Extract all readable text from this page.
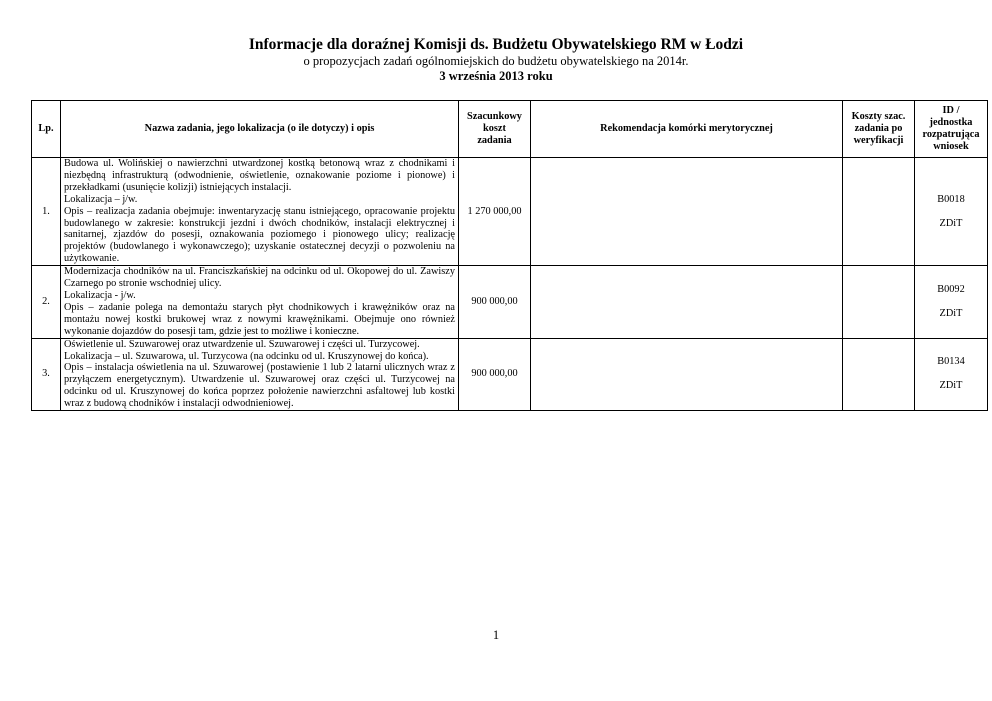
Informacje dla doraźnej Komisji ds. Budżetu Obywatelskiego RM w Łodzi
o propozycjach zadań ogólnomiejskich do budżetu obywatelskiego na 2014r.
3 września 2013 roku
Lp.	Nazwa zadania, jego lokalizacja (o ile dotyczy) i opis	Szacunkowy
koszt
zadania	Rekomendacja komórki merytorycznej	Koszty szac.
zadania po
weryfikacji	ID /
jednostka
rozpatrująca
wniosek

1.	Budowa ul. Wolińskiej o nawierzchni utwardzonej kostką betonową wraz z chodnikami i niezbędną infrastrukturą (odwodnienie, oświetlenie, oznakowanie poziome i pionowe) i przekładkami (usunięcie kolizji) istniejących instalacji.
Lokalizacja – j/w.
Opis – realizacja zadania obejmuje: inwentaryzację stanu istniejącego, opracowanie projektu budowlanego w zakresie: konstrukcji jezdni i dwóch chodników, instalacji elektrycznej i sanitarnej, zjazdów do posesji, oznakowania poziomego i pionowego ulicy; realizację projektów (budowlanego i wykonawczego); uzyskanie ostatecznej decyzji o pozwoleniu na użytkowanie.	1 270 000,00			B0018
ZDiT

2.	Modernizacja chodników na ul. Franciszkańskiej na odcinku od ul. Okopowej do ul. Zawiszy Czarnego po stronie wschodniej ulicy.
Lokalizacja - j/w.
Opis – zadanie polega na demontażu starych płyt chodnikowych i krawężników oraz na montażu nowej kostki brukowej wraz z nowymi krawężnikami. Obejmuje ono również wykonanie dojazdów do posesji tam, gdzie jest to możliwe i konieczne.	900 000,00			B0092
ZDiT

3.	Oświetlenie ul. Szuwarowej oraz utwardzenie ul. Szuwarowej i części ul. Turzycowej.
Lokalizacja – ul. Szuwarowa, ul. Turzycowa (na odcinku od ul. Kruszynowej do końca).
Opis – instalacja oświetlenia na ul. Szuwarowej (postawienie 1 lub 2 latarni ulicznych wraz z przyłączem energetycznym). Utwardzenie ul. Szuwarowej oraz części ul. Turzycowej na odcinku od ul. Kruszynowej do końca poprzez położenie nawierzchni asfaltowej lub kostki wraz z budową chodników i instalacji odwodnieniowej.	900 000,00			B0134
ZDiT
1
